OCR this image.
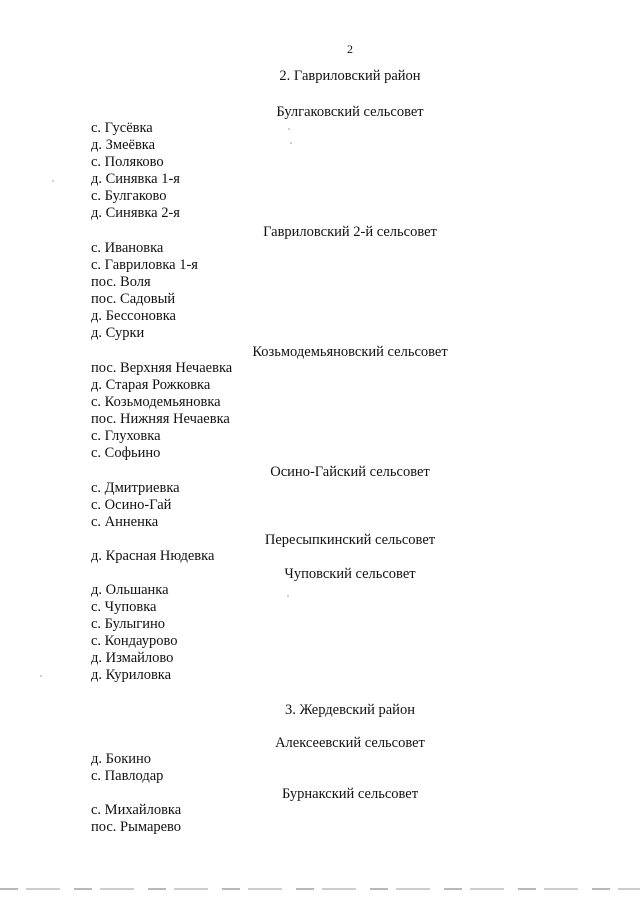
2
2. Гавриловский район
Булгаковский сельсовет
с. Гусёвка
д. Змеёвка
с. Поляково
д. Синявка 1-я
с. Булгаково
д. Синявка 2-я
Гавриловский 2-й сельсовет
с. Ивановка
с. Гавриловка 1-я
пос. Воля
пос. Садовый
д. Бессоновка
д. Сурки
Козьмодемьяновский сельсовет
пос. Верхняя Нечаевка
д. Старая Рожковка
с. Козьмодемьяновка
пос. Нижняя Нечаевка
с. Глуховка
с. Софьино
Осино-Гайский сельсовет
с. Дмитриевка
с. Осино-Гай
с. Анненка
Пересыпкинский сельсовет
д. Красная Нюдевка
Чуповский сельсовет
д. Ольшанка
с. Чуповка
с. Булыгино
с. Кондаурово
д. Измайлово
д. Куриловка
3. Жердевский район
Алексеевский сельсовет
д. Бокино
с. Павлодар
Бурнакский сельсовет
с. Михайловка
пос. Рымарево
